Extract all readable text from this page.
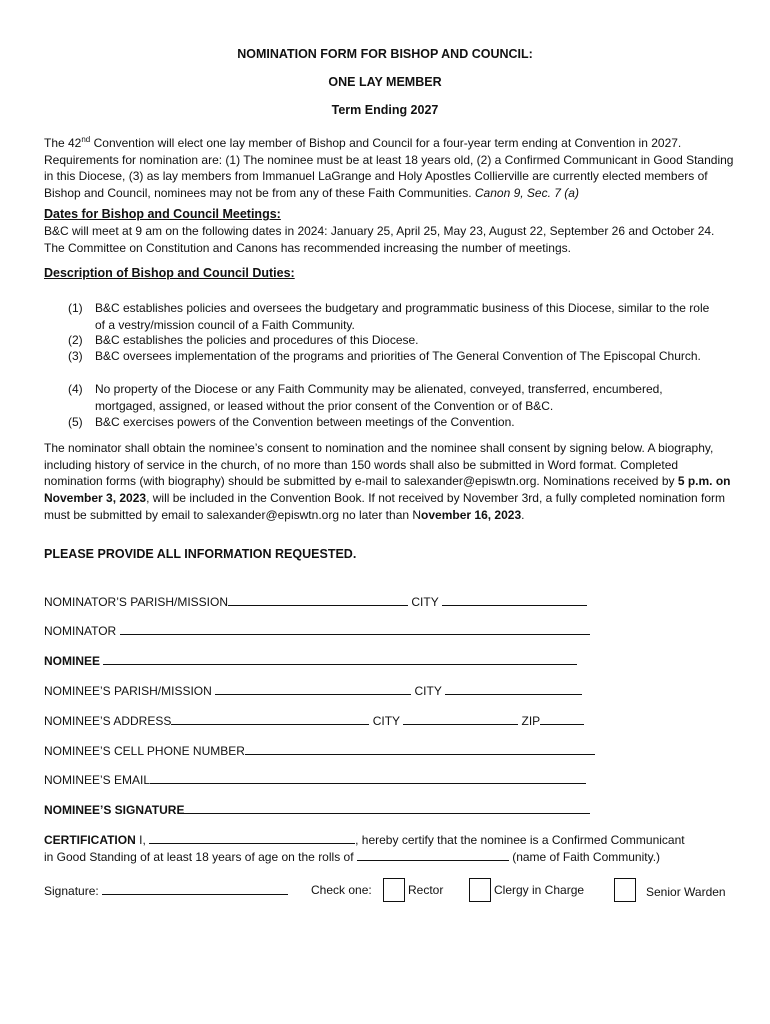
NOMINATION FORM FOR BISHOP AND COUNCIL:
ONE LAY MEMBER
Term Ending 2027
The 42nd Convention will elect one lay member of Bishop and Council for a four-year term ending at Convention in 2027. Requirements for nomination are: (1) The nominee must be at least 18 years old, (2) a Confirmed Communicant in Good Standing in this Diocese, (3) as lay members from Immanuel LaGrange and Holy Apostles Collierville are currently elected members of Bishop and Council, nominees may not be from any of these Faith Communities. Canon 9, Sec. 7 (a)
Dates for Bishop and Council Meetings:
B&C will meet at 9 am on the following dates in 2024: January 25, April 25, May 23, August 22, September 26 and October 24. The Committee on Constitution and Canons has recommended increasing the number of meetings.
Description of Bishop and Council Duties:
(1) B&C establishes policies and oversees the budgetary and programmatic business of this Diocese, similar to the role of a vestry/mission council of a Faith Community.
(2) B&C establishes the policies and procedures of this Diocese.
(3) B&C oversees implementation of the programs and priorities of The General Convention of The Episcopal Church.
(4) No property of the Diocese or any Faith Community may be alienated, conveyed, transferred, encumbered, mortgaged, assigned, or leased without the prior consent of the Convention or of B&C.
(5) B&C exercises powers of the Convention between meetings of the Convention.
The nominator shall obtain the nominee’s consent to nomination and the nominee shall consent by signing below. A biography, including history of service in the church, of no more than 150 words shall also be submitted in Word format. Completed nomination forms (with biography) should be submitted by e-mail to salexander@episwtn.org. Nominations received by 5 p.m. on November 3, 2023, will be included in the Convention Book. If not received by November 3rd, a fully completed nomination form must be submitted by email to salexander@episwtn.org no later than November 16, 2023.
PLEASE PROVIDE ALL INFORMATION REQUESTED.
NOMINATOR’S PARISH/MISSION	CITY
NOMINATOR
NOMINEE
NOMINEE’S PARISH/MISSION	CITY
NOMINEE’S ADDRESS	CITY	ZIP
NOMINEE’S CELL PHONE NUMBER
NOMINEE’S EMAIL
NOMINEE’S SIGNATURE
CERTIFICATION I,	, hereby certify that the nominee is a Confirmed Communicant
in Good Standing of at least 18 years of age on the rolls of	(name of Faith Community.)
Signature:	Check one:	Rector	Clergy in Charge	Senior Warden
